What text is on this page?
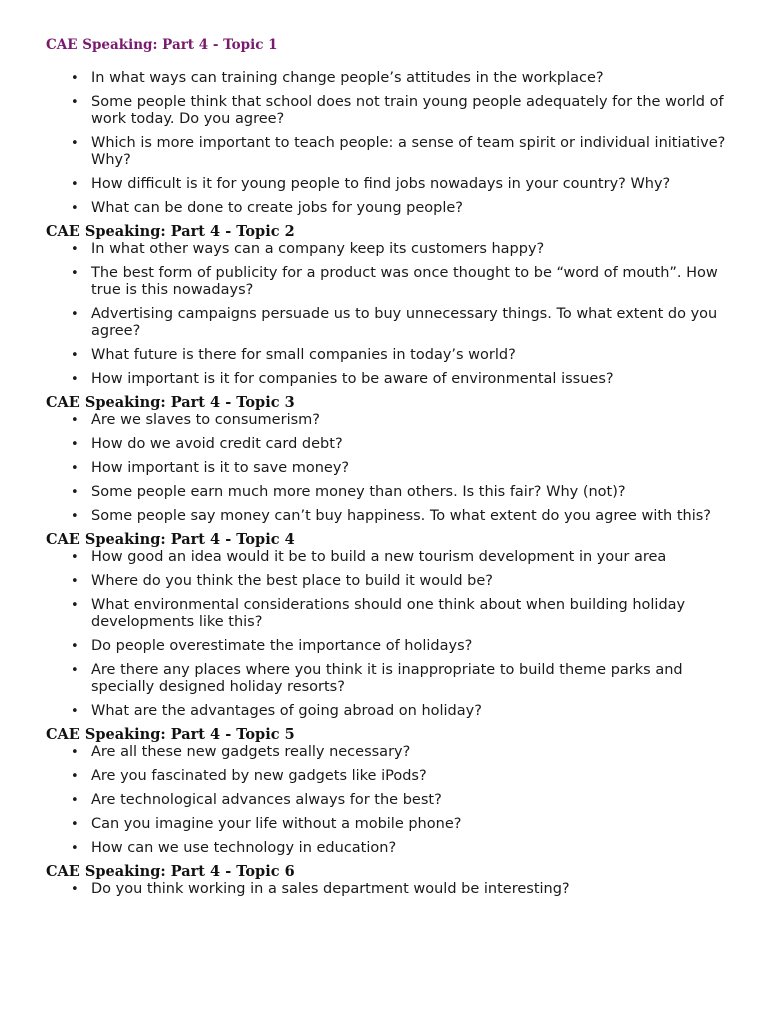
CAE Speaking: Part 4 - Topic 1
• In what ways can training change people’s attitudes in the workplace?
• Some people think that school does not train young people adequately for the world of work today. Do you agree?
• Which is more important to teach people: a sense of team spirit or individual initiative? Why?
• How difficult is it for young people to find jobs nowadays in your country? Why?
• What can be done to create jobs for young people?
CAE Speaking: Part 4 - Topic 2
• In what other ways can a company keep its customers happy?
• The best form of publicity for a product was once thought to be “word of mouth”. How true is this nowadays?
• Advertising campaigns persuade us to buy unnecessary things. To what extent do you agree?
• What future is there for small companies in today’s world?
• How important is it for companies to be aware of environmental issues?
CAE Speaking: Part 4 - Topic 3
• Are we slaves to consumerism?
• How do we avoid credit card debt?
• How important is it to save money?
• Some people earn much more money than others. Is this fair? Why (not)?
• Some people say money can’t buy happiness. To what extent do you agree with this?
CAE Speaking: Part 4 - Topic 4
• How good an idea would it be to build a new tourism development in your area
• Where do you think the best place to build it would be?
• What environmental considerations should one think about when building holiday developments like this?
• Do people overestimate the importance of holidays?
• Are there any places where you think it is inappropriate to build theme parks and specially designed holiday resorts?
• What are the advantages of going abroad on holiday?
CAE Speaking: Part 4 - Topic 5
• Are all these new gadgets really necessary?
• Are you fascinated by new gadgets like iPods?
• Are technological advances always for the best?
• Can you imagine your life without a mobile phone?
• How can we use technology in education?
CAE Speaking: Part 4 - Topic 6
• Do you think working in a sales department would be interesting?
